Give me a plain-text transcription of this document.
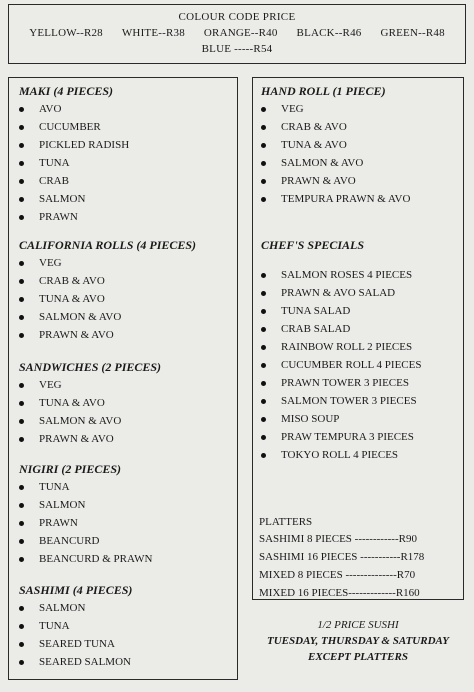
COLOUR CODE PRICE
YELLOW--R28 WHITE--R38 ORANGE--R40 BLACK--R46 GREEN--R48
BLUE -----R54
MAKI (4 PIECES)
AVO
CUCUMBER
PICKLED RADISH
TUNA
CRAB
SALMON
PRAWN
CALIFORNIA ROLLS (4 PIECES)
VEG
CRAB & AVO
TUNA & AVO
SALMON & AVO
PRAWN & AVO
SANDWICHES (2 PIECES)
VEG
TUNA & AVO
SALMON & AVO
PRAWN & AVO
NIGIRI (2 PIECES)
TUNA
SALMON
PRAWN
BEANCURD
BEANCURD & PRAWN
SASHIMI (4 PIECES)
SALMON
TUNA
SEARED TUNA
SEARED SALMON
HAND ROLL (1 PIECE)
VEG
CRAB & AVO
TUNA & AVO
SALMON & AVO
PRAWN & AVO
TEMPURA PRAWN & AVO
CHEF'S SPECIALS
SALMON ROSES 4 PIECES
PRAWN & AVO SALAD
TUNA SALAD
CRAB SALAD
RAINBOW ROLL 2 PIECES
CUCUMBER ROLL 4 PIECES
PRAWN TOWER 3 PIECES
SALMON TOWER 3 PIECES
MISO SOUP
PRAW TEMPURA 3 PIECES
TOKYO ROLL 4 PIECES
PLATTERS
SASHIMI 8 PIECES ------------R90
SASHIMI 16 PIECES -----------R178
MIXED 8 PIECES --------------R70
MIXED 16 PIECES-------------R160
1/2 PRICE SUSHI
TUESDAY, THURSDAY & SATURDAY
EXCEPT PLATTERS
